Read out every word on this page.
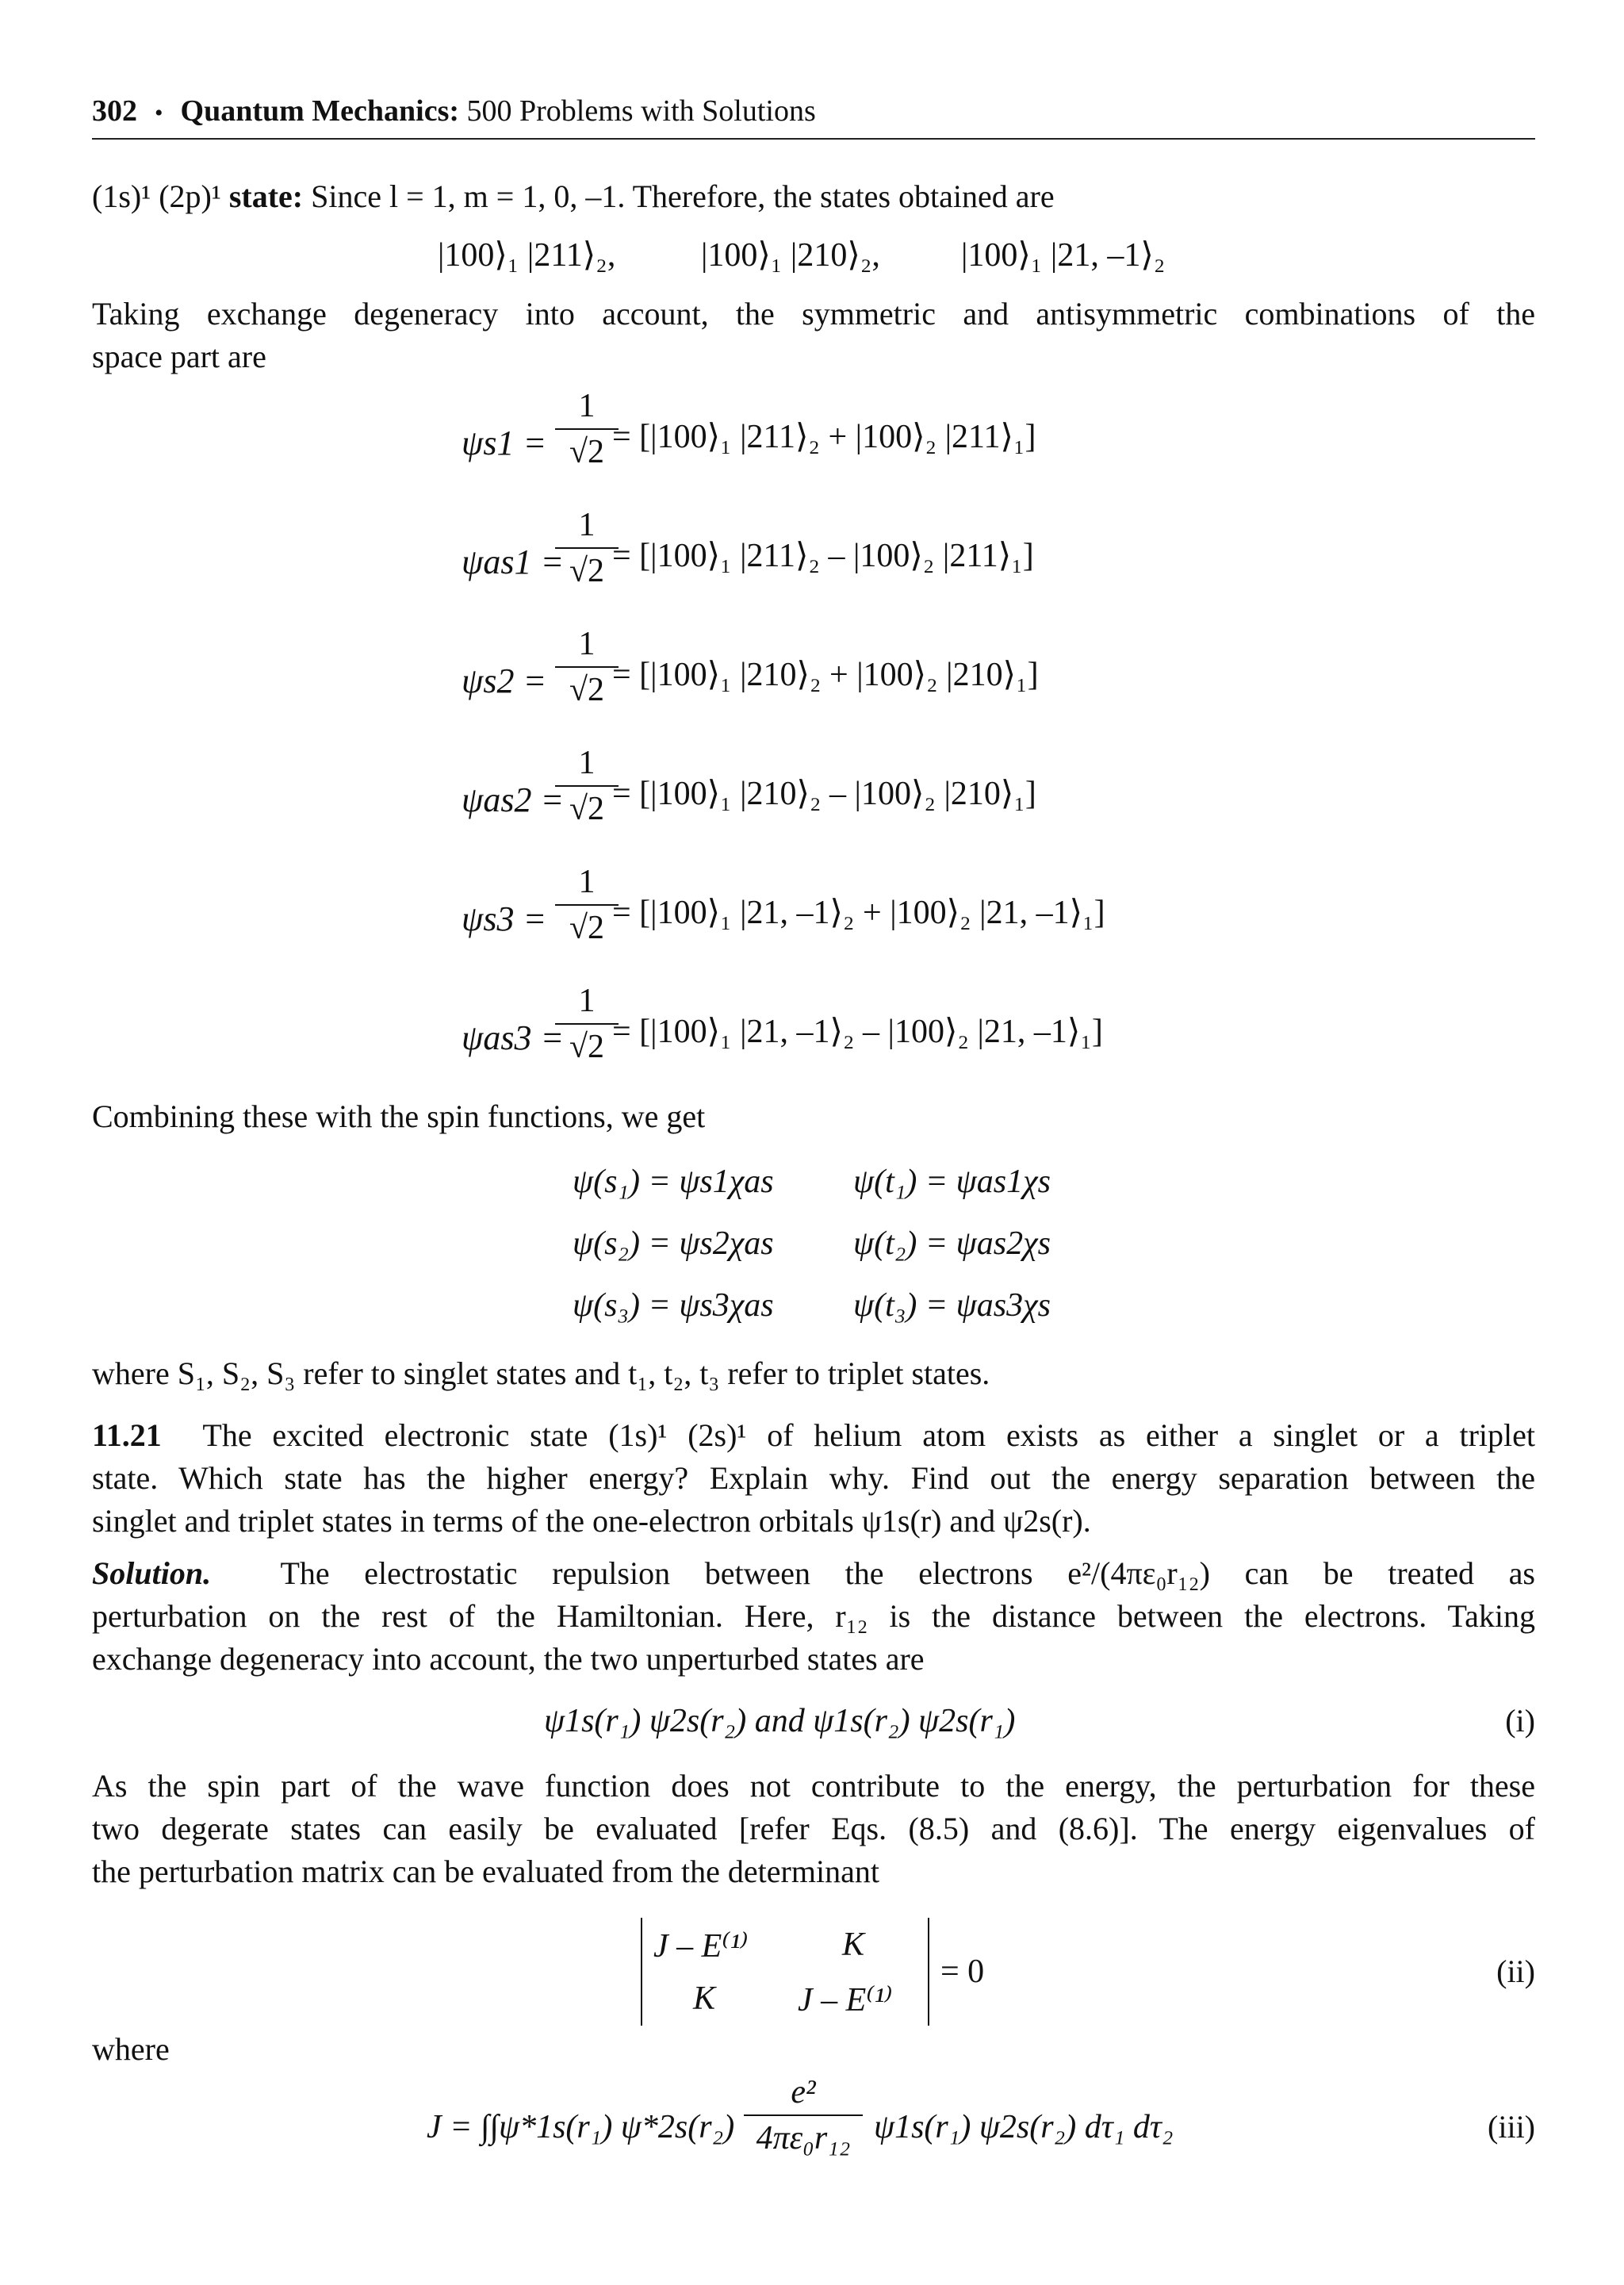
302 • Quantum Mechanics: 500 Problems with Solutions
(1s)¹ (2p)¹ state: Since l = 1, m = 1, 0, –1. Therefore, the states obtained are
|100⟩₁ |211⟩₂,	|100⟩₁ |210⟩₂, |100⟩₁ |21, –1⟩₂
Taking exchange degeneracy into account, the symmetric and antisymmetric combinations of the
space part are
ψs1 =
1
√2 = [|100⟩₁ |211⟩₂ + |100⟩₂ |211⟩₁]
ψas1 =
1
√2 = [|100⟩₁ |211⟩₂ – |100⟩₂ |211⟩₁]
ψs2 =
1
√2 = [|100⟩₁ |210⟩₂ + |100⟩₂ |210⟩₁]
ψas2 =
1
√2 = [|100⟩₁ |210⟩₂ – |100⟩₂ |210⟩₁]
ψs3 =
1
√2 = [|100⟩₁ |21, –1⟩₂ + |100⟩₂ |21, –1⟩₁]
ψas3 =
1
√2 = [|100⟩₁ |21, –1⟩₂ – |100⟩₂ |21, –1⟩₁]
Combining these with the spin functions, we get
ψ(s₁) = ψs1χas ψ(t₁) = ψas1χs
ψ(s₂) = ψs2χas ψ(t₂) = ψas2χs
ψ(s₃) = ψs3χas ψ(t₃) = ψas3χs
where S₁, S₂, S₃ refer to singlet states and t₁, t₂, t₃ refer to triplet states.
11.21 The excited electronic state (1s)¹ (2s)¹ of helium atom exists as either a singlet or a triplet
state. Which state has the higher energy? Explain why. Find out the energy separation between the
singlet and triplet states in terms of the one-electron orbitals ψ1s(r) and ψ2s(r).
Solution. The electrostatic repulsion between the electrons e²/(4πε₀r₁₂) can be treated as
perturbation on the rest of the Hamiltonian. Here, r₁₂ is the distance between the electrons. Taking
exchange degeneracy into account, the two unperturbed states are
ψ1s(r₁) ψ2s(r₂) and ψ1s(r₂) ψ2s(r₁)	(i)
As the spin part of the wave function does not contribute to the energy, the perturbation for these
two degerate states can easily be evaluated [refer Eqs. (8.5) and (8.6)]. The energy eigenvalues of
the perturbation matrix can be evaluated from the determinant
J – E⁽¹⁾	K
K J – E⁽¹⁾
= 0	(ii)
where
J = ∫∫ψ*1s(r₁) ψ*2s(r₂)
e²
4πε₀r₁₂ ψ1s(r₁) ψ2s(r₂) dτ₁ dτ₂	(iii)
